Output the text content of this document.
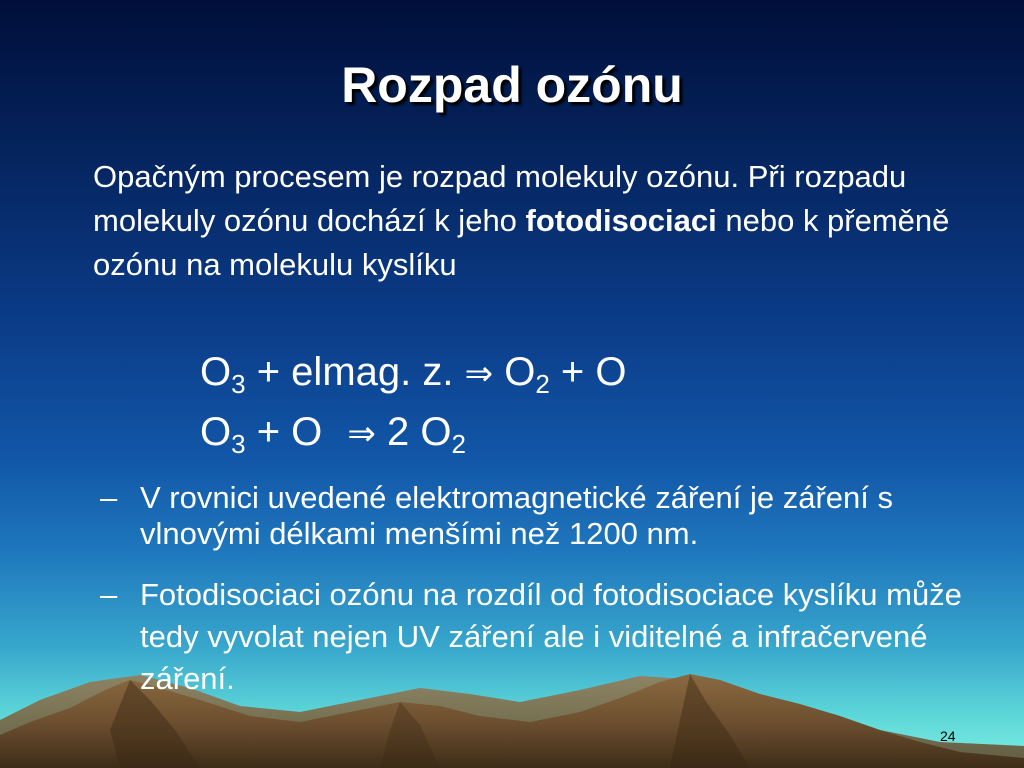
Rozpad ozónu

Opačným procesem je rozpad molekuly ozónu. Při rozpadu molekuly ozónu dochází k jeho fotodisociaci nebo k přeměně ozónu na molekulu kyslíku

$O_3$ + elmag. z. ⇒ $O_2 + O$
$O_3 + O$ ⇒ 2 $O_2$
– V rovnici uvedené elektromagnetické záření je záření s vlnovými délkami menšími než 1200 nm.
– Fotodisociaci ozónu na rozdíl od fotodisociace kyslíku může tedy vyvolat nejen UV záření ale i viditelné a infračervené záření.
24
